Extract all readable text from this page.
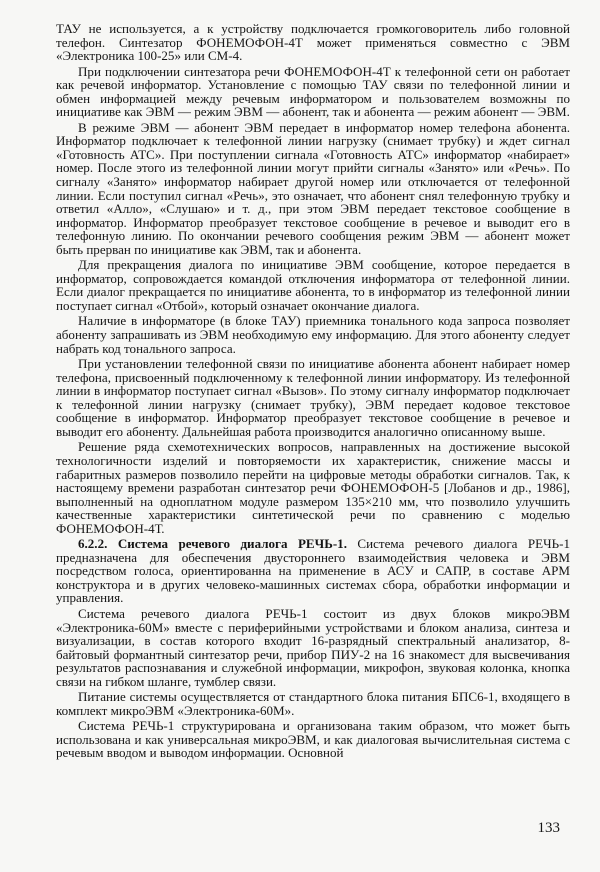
ТАУ не используется, а к устройству подключается громкоговоритель либо головной телефон. Синтезатор ФОНЕМОФОН-4Т может применяться совместно с ЭВМ «Электроника 100-25» или СМ-4.

При подключении синтезатора речи ФОНЕМОФОН-4Т к телефонной сети он работает как речевой информатор. Установление с помощью ТАУ связи по телефонной линии и обмен информацией между речевым информатором и пользователем возможны по инициативе как ЭВМ — режим ЭВМ — абонент, так и абонента — режим абонент — ЭВМ.

В режиме ЭВМ — абонент ЭВМ передает в информатор номер телефона абонента. Информатор подключает к телефонной линии нагрузку (снимает трубку) и ждет сигнал «Готовность АТС». При поступлении сигнала «Готовность АТС» информатор «набирает» номер. После этого из телефонной линии могут прийти сигналы «Занято» или «Речь». По сигналу «Занято» информатор набирает другой номер или отключается от телефонной линии. Если поступил сигнал «Речь», это означает, что абонент снял телефонную трубку и ответил «Алло», «Слушаю» и т. д., при этом ЭВМ передает текстовое сообщение в информатор. Информатор преобразует текстовое сообщение в речевое и выводит его в телефонную линию. По окончании речевого сообщения режим ЭВМ — абонент может быть прерван по инициативе как ЭВМ, так и абонента.

Для прекращения диалога по инициативе ЭВМ сообщение, которое передается в информатор, сопровождается командой отключения информатора от телефонной линии. Если диалог прекращается по инициативе абонента, то в информатор из телефонной линии поступает сигнал «Отбой», который означает окончание диалога.

Наличие в информаторе (в блоке ТАУ) приемника тонального кода запроса позволяет абоненту запрашивать из ЭВМ необходимую ему информацию. Для этого абоненту следует набрать код тонального запроса.

При установлении телефонной связи по инициативе абонента абонент набирает номер телефона, присвоенный подключенному к телефонной линии информатору. Из телефонной линии в информатор поступает сигнал «Вызов». По этому сигналу информатор подключает к телефонной линии нагрузку (снимает трубку), ЭВМ передает кодовое текстовое сообщение в информатор. Информатор преобразует текстовое сообщение в речевое и выводит его абоненту. Дальнейшая работа производится аналогично описанному выше.

Решение ряда схемотехнических вопросов, направленных на достижение высокой технологичности изделий и повторяемости их характеристик, снижение массы и габаритных размеров позволило перейти на цифровые методы обработки сигналов. Так, к настоящему времени разработан синтезатор речи ФОНЕМОФОН-5 [Лобанов и др., 1986], выполненный на одноплатном модуле размером 135×210 мм, что позволило улучшить качественные характеристики синтетической речи по сравнению с моделью ФОНЕМОФОН-4Т.

6.2.2. Система речевого диалога РЕЧЬ-1. Система речевого диалога РЕЧЬ-1 предназначена для обеспечения двустороннего взаимодействия человека и ЭВМ посредством голоса, ориентированна на применение в АСУ и САПР, в составе АРМ конструктора и в других человеко-машинных системах сбора, обработки информации и управления.

Система речевого диалога РЕЧЬ-1 состоит из двух блоков микроЭВМ «Электроника-60М» вместе с периферийными устройствами и блоком анализа, синтеза и визуализации, в состав которого входит 16-разрядный спектральный анализатор, 8-байтовый формантный синтезатор речи, прибор ПИУ-2 на 16 знакомест для высвечивания результатов распознавания и служебной информации, микрофон, звуковая колонка, кнопка связи на гибком шланге, тумблер связи.

Питание системы осуществляется от стандартного блока питания БПС6-1, входящего в комплект микроЭВМ «Электроника-60М».

Система РЕЧЬ-1 структурирована и организована таким образом, что может быть использована и как универсальная микроЭВМ, и как диалоговая вычислительная система с речевым вводом и выводом информации. Основной

133
